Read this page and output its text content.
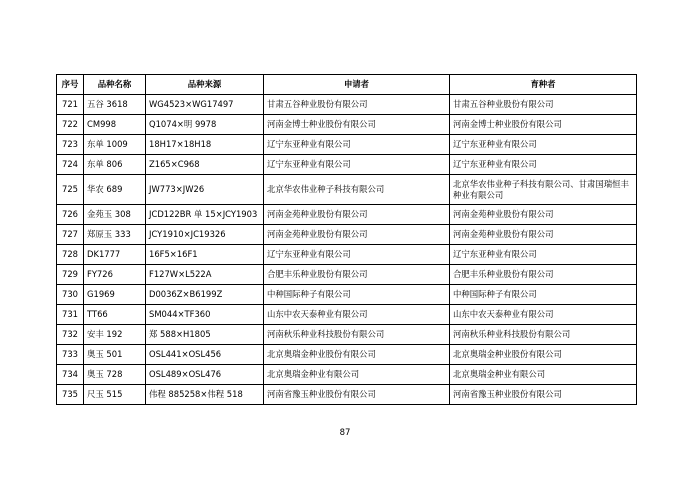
序号	品种名称	品种来源	申请者	育种者
721	五谷 3618	WG4523×WG17497	甘肃五谷种业股份有限公司	甘肃五谷种业股份有限公司
722	CM998	Q1074×明 9978	河南金博士种业股份有限公司	河南金博士种业股份有限公司
723	东单 1009	18H17×18H18	辽宁东亚种业有限公司	辽宁东亚种业有限公司
724	东单 806	Z165×C968	辽宁东亚种业有限公司	辽宁东亚种业有限公司
725	华农 689	JW773×JW26	北京华农伟业种子科技有限公司	北京华农伟业种子科技有限公司、甘肃国瑞恒丰种业有限公司
726	金苑玉 308	JCD122BR 单 15×JCY1903	河南金苑种业股份有限公司	河南金苑种业股份有限公司
727	郑原玉 333	JCY1910×JC19326	河南金苑种业股份有限公司	河南金苑种业股份有限公司
728	DK1777	16F5×16F1	辽宁东亚种业有限公司	辽宁东亚种业有限公司
729	FY726	F127W×L522A	合肥丰乐种业股份有限公司	合肥丰乐种业股份有限公司
730	G1969	D0036Z×B6199Z	中种国际种子有限公司	中种国际种子有限公司
731	TT66	SM044×TF360	山东中农天泰种业有限公司	山东中农天泰种业有限公司
732	安丰 192	郑 588×H1805	河南秋乐种业科技股份有限公司	河南秋乐种业科技股份有限公司
733	奥玉 501	OSL441×OSL456	北京奥瑞金种业股份有限公司	北京奥瑞金种业股份有限公司
734	奥玉 728	OSL489×OSL476	北京奥瑞金种业有限公司	北京奥瑞金种业有限公司
735	尺玉 515	伟程 885258×伟程 518	河南省豫玉种业股份有限公司	河南省豫玉种业股份有限公司
87
